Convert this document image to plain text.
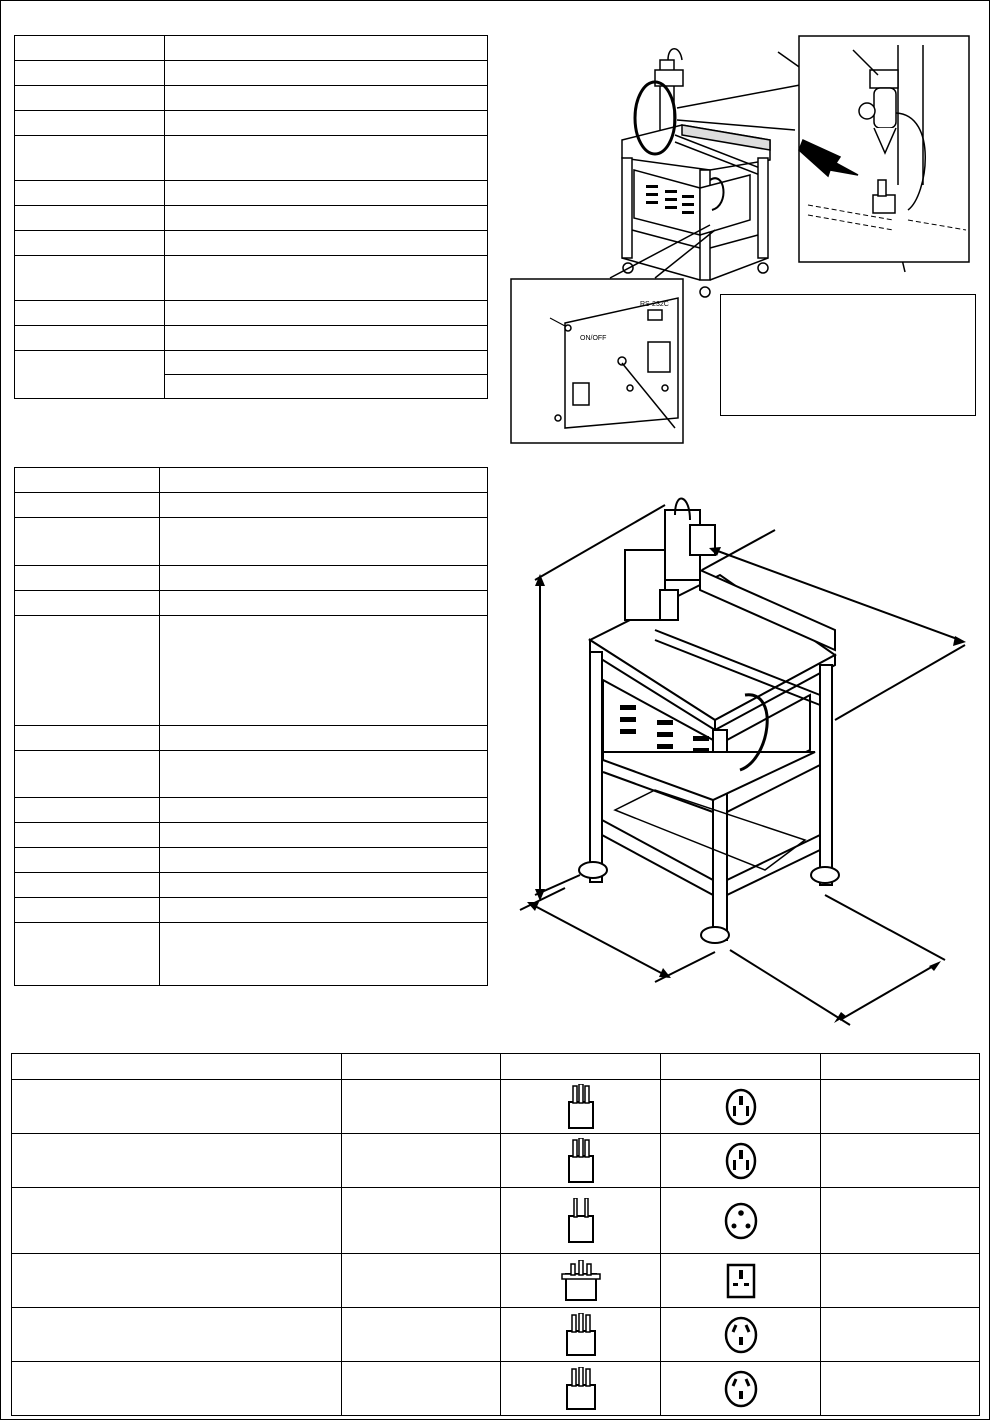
ON/OFF
RS-232C
